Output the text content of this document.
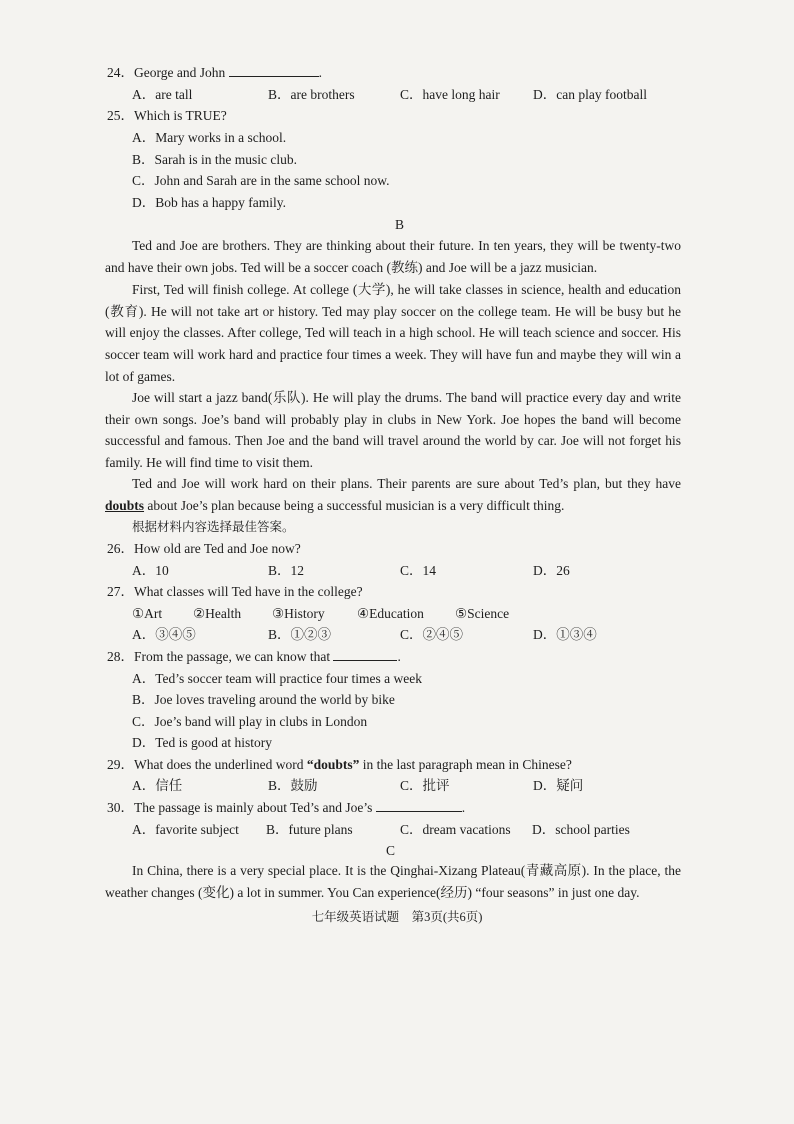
24．George and John	.
A．are tall	B．are brothers	C．have long hair D．can play football
25．Which is TRUE?
A．Mary works in a school.
B．Sarah is in the music club.
C．John and Sarah are in the same school now.
D．Bob has a happy family.
B
Ted and Joe are brothers. They are thinking about their future. In ten years, they will be twenty-two and have their own jobs. Ted will be a soccer coach (教练) and Joe will be a jazz musician.
First, Ted will finish college. At college (大学), he will take classes in science, health and education (教育). He will not take art or history. Ted may play soccer on the college team. He will be busy but he will enjoy the classes. After college, Ted will teach in a high school. He will teach science and soccer. His soccer team will work hard and practice four times a week. They will have fun and maybe they will win a lot of games.
Joe will start a jazz band(乐队). He will play the drums. The band will practice every day and write their own songs. Joe’s band will probably play in clubs in New York. Joe hopes the band will become successful and famous. Then Joe and the band will travel around the world by car. Joe will not forget his family. He will find time to visit them.
Ted and Joe will work hard on their plans. Their parents are sure about Ted’s plan, but they have doubts about Joe’s plan because being a successful musician is a very difficult thing.
根据材料内容选择最佳答案。
26．How old are Ted and Joe now?
A．10	B．12	C．14	D．26
27．What classes will Ted have in the college?
①Art ②Health ③History ④Education ⑤Science
A．③④⑤	B．①②③	C．②④⑤	D．①③④
28．From the passage, we can know that	.
A．Ted’s soccer team will practice four times a week
B．Joe loves traveling around the world by bike
C．Joe’s band will play in clubs in London
D．Ted is good at history
29．What does the underlined word “doubts” in the last paragraph mean in Chinese?
A．信任	B．鼓励	C．批评	D．疑问
30．The passage is mainly about Ted’s and Joe’s	.
A．favorite subject B．future plans	C．dream vacations D．school parties
C
In China, there is a very special place. It is the Qinghai-Xizang Plateau(青藏高原). In the place, the weather changes (变化) a lot in summer. You Can experience(经历) “four seasons” in just one day.
七年级英语试题　第3页(共6页)
